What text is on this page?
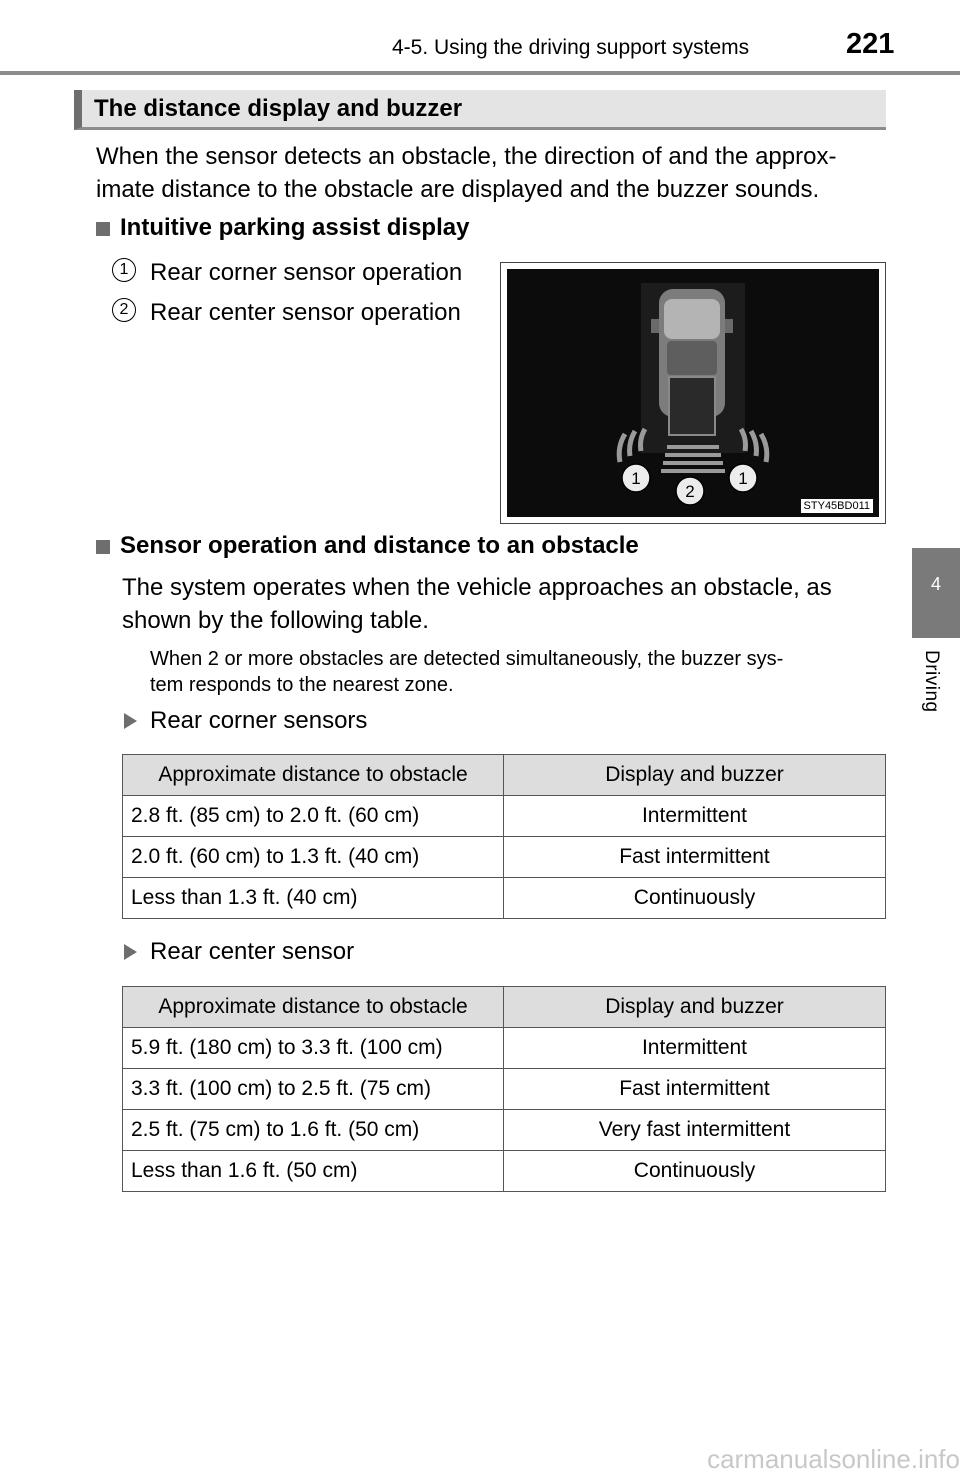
4-5. Using the driving support systems	221
4
Driving
The distance display and buzzer
When the sensor detects an obstacle, the direction of and the approx-
imate distance to the obstacle are displayed and the buzzer sounds.
Intuitive parking assist display
1 Rear corner sensor operation
2 Rear center sensor operation
1
2
1
STY45BD011
Sensor operation and distance to an obstacle
The system operates when the vehicle approaches an obstacle, as
shown by the following table.
When 2 or more obstacles are detected simultaneously, the buzzer sys-
tem responds to the nearest zone.
Rear corner sensors
Approximate distance to obstacle	Display and buzzer
2.8 ft. (85 cm) to 2.0 ft. (60 cm)	Intermittent
2.0 ft. (60 cm) to 1.3 ft. (40 cm)	Fast intermittent
Less than 1.3 ft. (40 cm)	Continuously
Rear center sensor
Approximate distance to obstacle	Display and buzzer
5.9 ft. (180 cm) to 3.3 ft. (100 cm)	Intermittent
3.3 ft. (100 cm) to 2.5 ft. (75 cm)	Fast intermittent
2.5 ft. (75 cm) to 1.6 ft. (50 cm)	Very fast intermittent
Less than 1.6 ft. (50 cm)	Continuously
carmanualsonline.info
